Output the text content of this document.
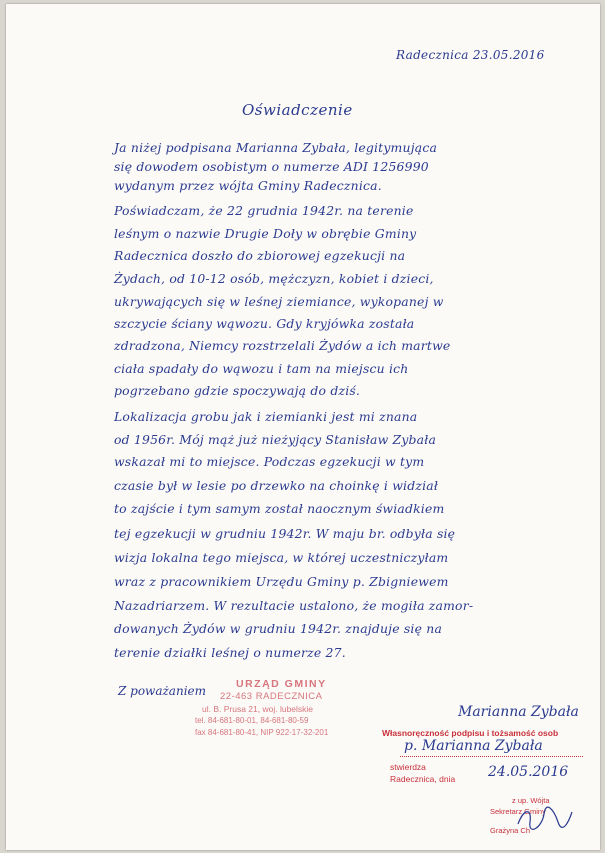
Radecznica 23.05.2016
Oświadczenie
Ja niżej podpisana Marianna Zybała, legitymująca
się dowodem osobistym o numerze ADI 1256990
wydanym przez wójta Gminy Radecznica.
Poświadczam, że 22 grudnia 1942r. na terenie
leśnym o nazwie Drugie Doły w obrębie Gminy
Radecznica doszło do zbiorowej egzekucji na
Żydach, od 10-12 osób, mężczyzn, kobiet i dzieci,
ukrywających się w leśnej ziemiance, wykopanej w
szczycie ściany wąwozu. Gdy kryjówka została
zdradzona, Niemcy rozstrzelali Żydów a ich martwe
ciała spadały do wąwozu i tam na miejscu ich
pogrzebano gdzie spoczywają do dziś.
Lokalizacja grobu jak i ziemianki jest mi znana
od 1956r. Mój mąż już nieżyjący Stanisław Zybała
wskazał mi to miejsce. Podczas egzekucji w tym
czasie był w lesie po drzewko na choinkę i widział
to zajście i tym samym został naocznym świadkiem
tej egzekucji w grudniu 1942r. W maju br. odbyła się
wizja lokalna tego miejsca, w której uczestniczyłam
wraz z pracownikiem Urzędu Gminy p. Zbigniewem
Nazadriarzem. W rezultacie ustalono, że mogiła zamor-
dowanych Żydów w grudniu 1942r. znajduje się na
terenie działki leśnej o numerze 27.
Z poważaniem	URZĄD GMINY
22-463 RADECZNICA
ul. B. Prusa 21, woj. lubelskie
tel. 84-681-80-01, 84-681-80-59
fax 84-681-80-41, NIP 922-17-32-201
Marianna Zybała
Własnoręczność podpisu i tożsamość osob
p. Marianna Zybała
stwierdza
Radecznica, dnia 24.05.2016
z up. Wójta
Sekretarz Gminy
Grażyna Ch
